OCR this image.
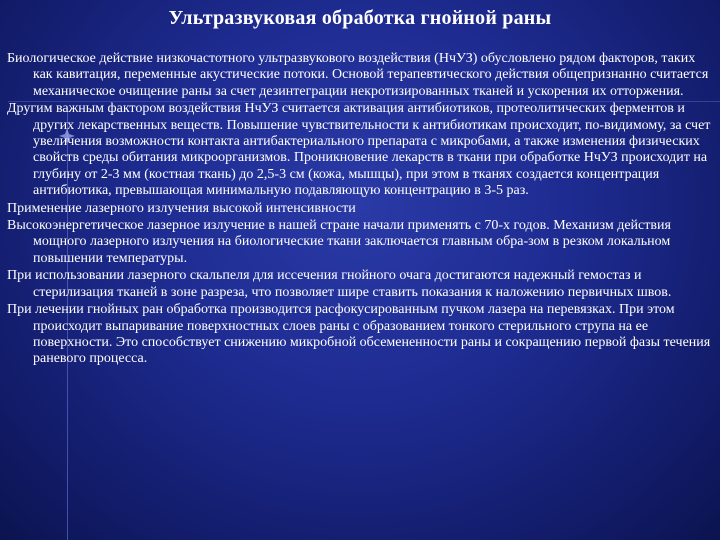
Ультразвуковая обработка гнойной раны

Биологическое действие низкочастотного ультразвукового воздействия (НчУЗ) обусловлено рядом факторов, таких как кавитация, переменные акустические потоки. Основой терапевтического действия общепризнанно считается механическое очищение раны за счет дезинтеграции некротизированных тканей и ускорения их отторжения.

Другим важным фактором воздействия НчУЗ считается активация антибиотиков, протеолитических ферментов и других лекарственных веществ. Повышение чувствительности к антибиотикам происходит, по-видимому, за счет увеличения возможности контакта антибактериального препарата с микробами, а также изменения физических свойств среды обитания микроорганизмов. Проникновение лекарств в ткани при обработке НчУЗ происходит на глубину от 2-3 мм (костная ткань) до 2,5-3 см (кожа, мышцы), при этом в тканях создается концентрация антибиотика, превышающая минимальную подавляющую концентрацию в 3-5 раз.

Применение лазерного излучения высокой интенсивности

Высокоэнергетическое лазерное излучение в нашей стране начали применять с 70-х годов. Механизм действия мощного лазерного излучения на биологические ткани заключается главным обра-зом в резком локальном повышении температуры.

При использовании лазерного скальпеля для иссечения гнойного очага достигаются надежный гемостаз и стерилизация тканей в зоне разреза, что позволяет шире ставить показания к наложению первичных швов.

При лечении гнойных ран обработка производится расфокусированным пучком лазера на перевязках. При этом происходит выпаривание поверхностных слоев раны с образованием тонкого стерильного струпа на ее поверхности. Это способствует снижению микробной обсемененности раны и сокращению первой фазы течения раневого процесса.
